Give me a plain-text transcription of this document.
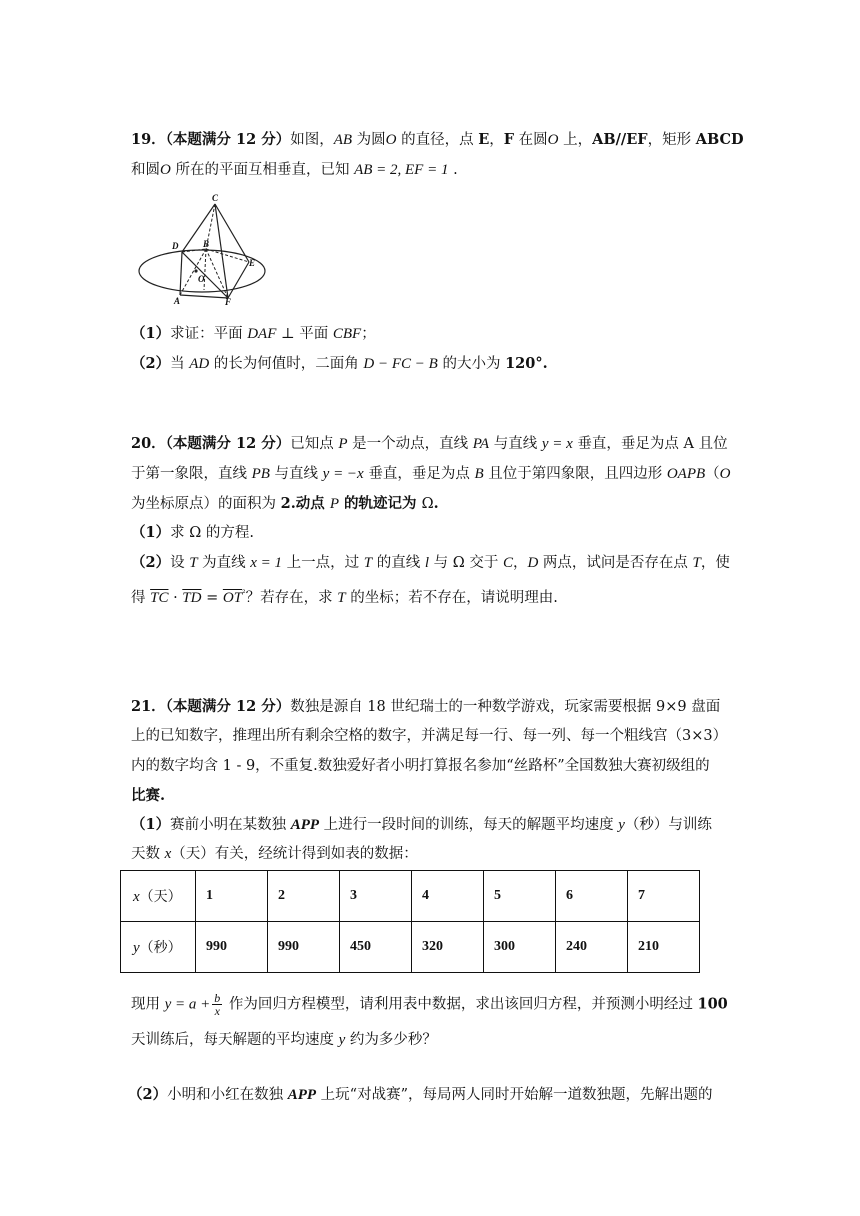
19．（本题满分 12 分）如图，AB 为圆O 的直径，点 E，F 在圆O 上，AB//EF，矩形 ABCD
和圆O 所在的平面互相垂直，已知 AB = 2, EF = 1 .
C
D	B
E
O
A	F
（1）求证：平面 DAF ⊥ 平面 CBF；
（2）当 AD 的长为何值时，二面角 D − FC − B 的大小为 120°.
20．（本题满分 12 分）已知点 P 是一个动点，直线 PA 与直线 y = x 垂直，垂足为点 A 且位
于第一象限，直线 PB 与直线 y = −x 垂直，垂足为点 B 且位于第四象限，且四边形 OAPB（O
为坐标原点）的面积为 2.动点 P 的轨迹记为 Ω.
（1）求 Ω 的方程.
（2）设 T 为直线 x = 1 上一点，过 T 的直线 l 与 Ω 交于 C，D 两点，试问是否存在点 T，使
得 $\overline{TC} \cdot \overline{TD} = \overline{OT}^{^2}$？若存在，求 T 的坐标；若不存在，请说明理由.
21．（本题满分 12 分）数独是源自 18 世纪瑞士的一种数学游戏，玩家需要根据 9×9 盘面
上的已知数字，推理出所有剩余空格的数字，并满足每一行、每一列、每一个粗线宫（3×3）
内的数字均含 1 - 9，不重复.数独爱好者小明打算报名参加“丝路杯”全国数独大赛初级组的
比赛.
（1）赛前小明在某数独 APP 上进行一段时间的训练，每天的解题平均速度 y（秒）与训练
天数 x（天）有关，经统计得到如表的数据：
x（天）	1	2	3	4	5	6	7
y（秒）	990	990	450	320	300	240	210
现用 $y = a + \frac{b}{x}$ 作为回归方程模型，请利用表中数据，求出该回归方程，并预测小明经过 100
天训练后，每天解题的平均速度 y 约为多少秒？
（2）小明和小红在数独 APP 上玩“对战赛”，每局两人同时开始解一道数独题，先解出题的
